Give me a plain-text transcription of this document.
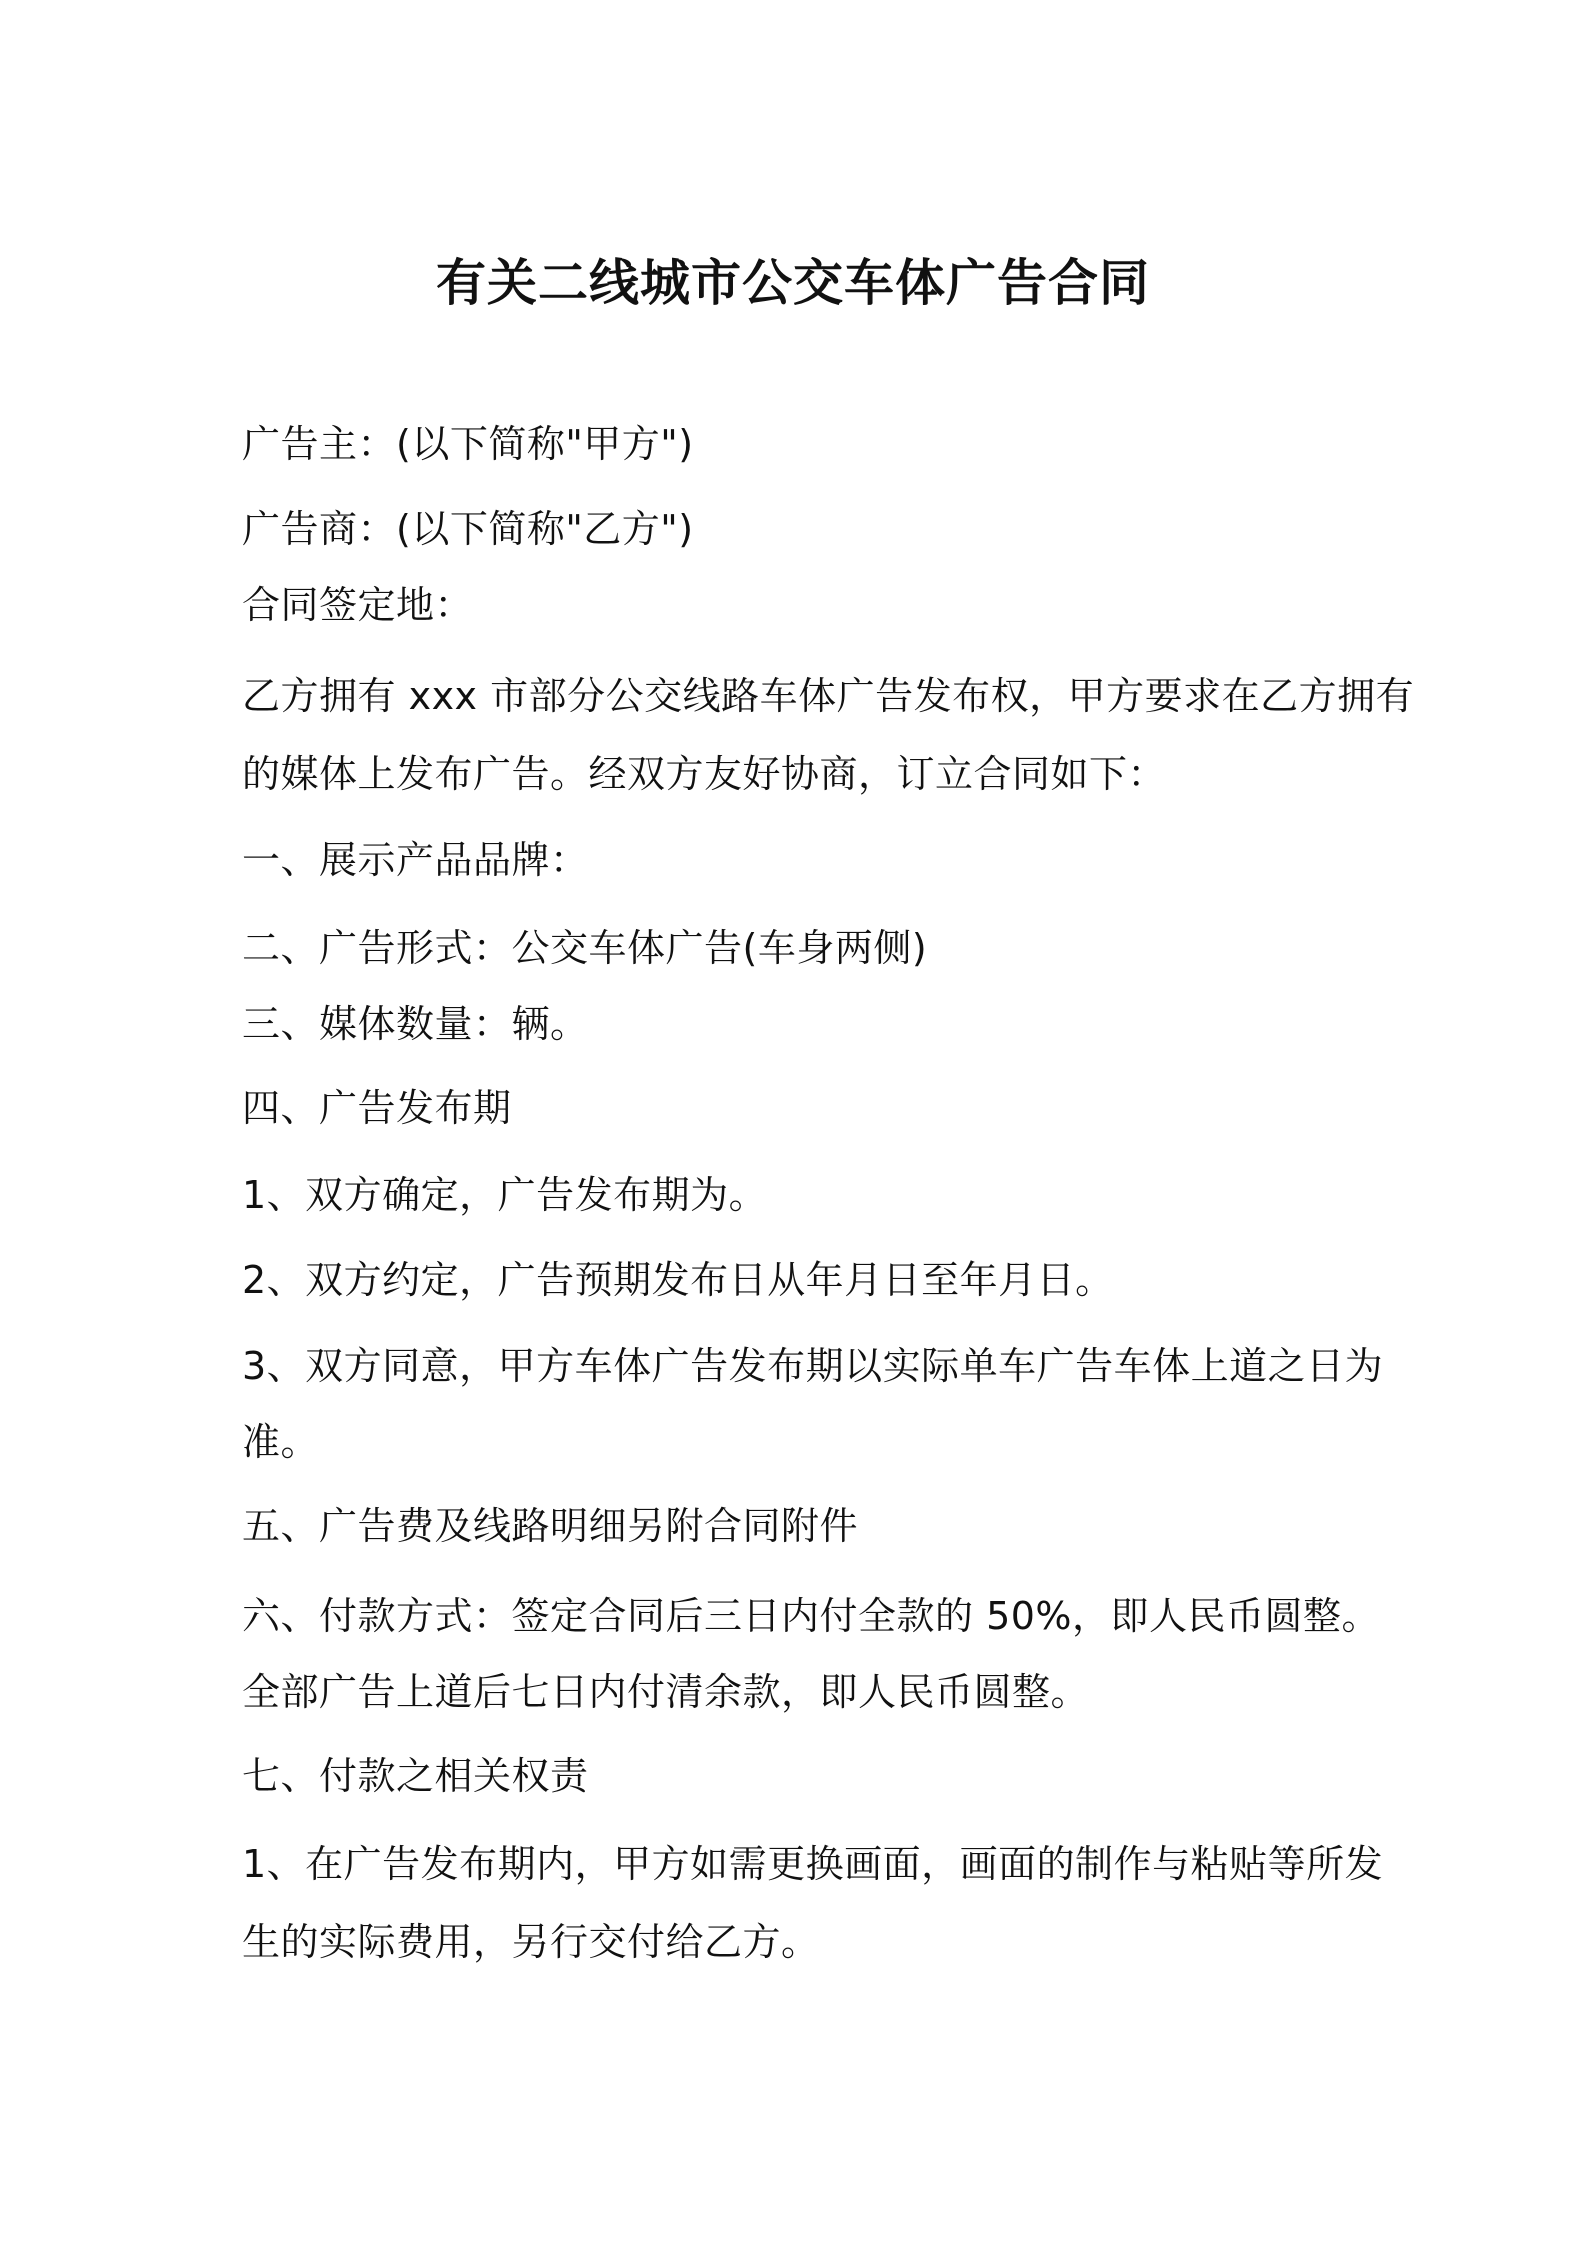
有关二线城市公交车体广告合同
广告主：(以下简称"甲方")
广告商：(以下简称"乙方")
合同签定地：
乙方拥有 xxx 市部分公交线路车体广告发布权，甲方要求在乙方拥有
的媒体上发布广告。经双方友好协商，订立合同如下：
一、展示产品品牌：
二、广告形式：公交车体广告(车身两侧)
三、媒体数量：辆。
四、广告发布期
1、双方确定，广告发布期为。
2、双方约定，广告预期发布日从年月日至年月日。
3、双方同意，甲方车体广告发布期以实际单车广告车体上道之日为
准。
五、广告费及线路明细另附合同附件
六、付款方式：签定合同后三日内付全款的 50%，即人民币圆整。
全部广告上道后七日内付清余款，即人民币圆整。
七、付款之相关权责
1、在广告发布期内，甲方如需更换画面，画面的制作与粘贴等所发
生的实际费用，另行交付给乙方。
